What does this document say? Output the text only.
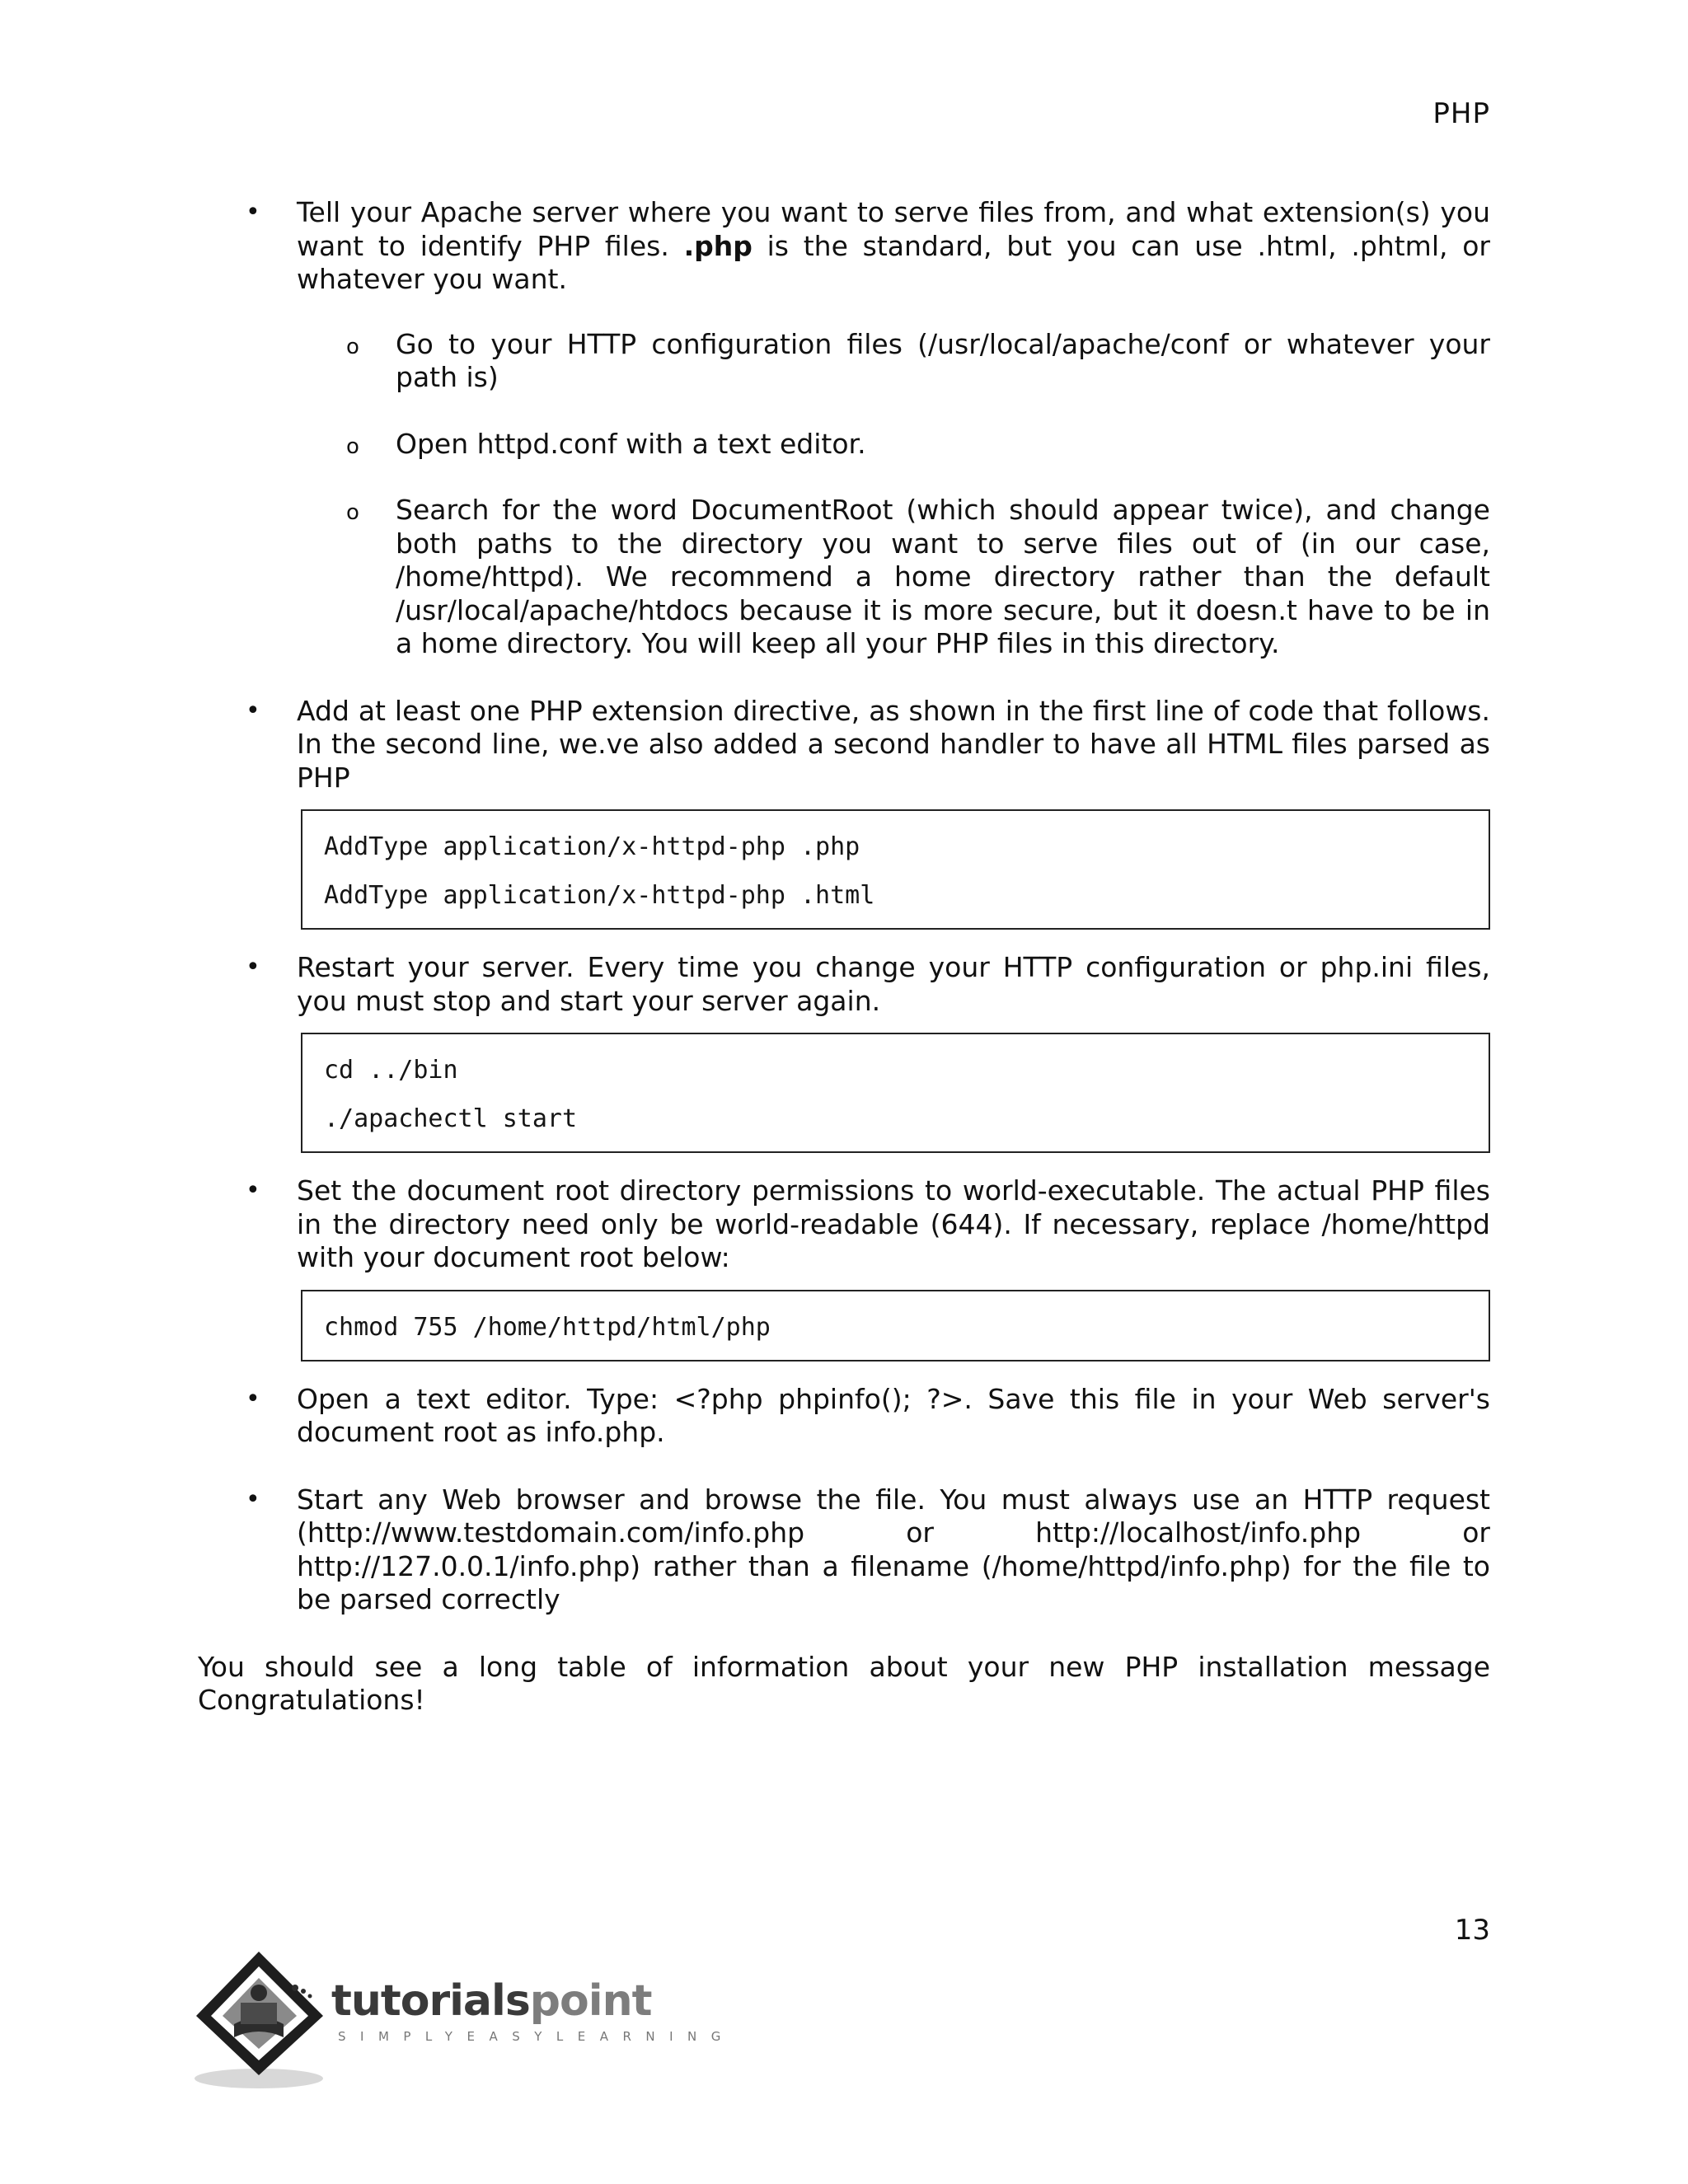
PHP
• Tell your Apache server where you want to serve files from, and what extension(s) you want to identify PHP files. .php is the standard, but you can use .html, .phtml, or whatever you want.
o Go to your HTTP configuration files (/usr/local/apache/conf or whatever your path is)
o Open httpd.conf with a text editor.
o Search for the word DocumentRoot (which should appear twice), and change both paths to the directory you want to serve files out of (in our case, /home/httpd). We recommend a home directory rather than the default /usr/local/apache/htdocs because it is more secure, but it doesn.t have to be in a home directory. You will keep all your PHP files in this directory.
• Add at least one PHP extension directive, as shown in the first line of code that follows. In the second line, we.ve also added a second handler to have all HTML files parsed as PHP
AddType application/x-httpd-php .php
AddType application/x-httpd-php .html
• Restart your server. Every time you change your HTTP configuration or php.ini files, you must stop and start your server again.
cd ../bin
./apachectl start
• Set the document root directory permissions to world-executable. The actual PHP files in the directory need only be world-readable (644). If necessary, replace /home/httpd with your document root below:
chmod 755 /home/httpd/html/php
• Open a text editor. Type: <?php phpinfo(); ?>. Save this file in your Web server's document root as info.php.
• Start any Web browser and browse the file. You must always use an HTTP request (http://www.testdomain.com/info.php or http://localhost/info.php or http://127.0.0.1/info.php) rather than a filename (/home/httpd/info.php) for the file to be parsed correctly
You should see a long table of information about your new PHP installation message Congratulations!
13
tutorialspoint
SIMPLYEASYLEARNING
